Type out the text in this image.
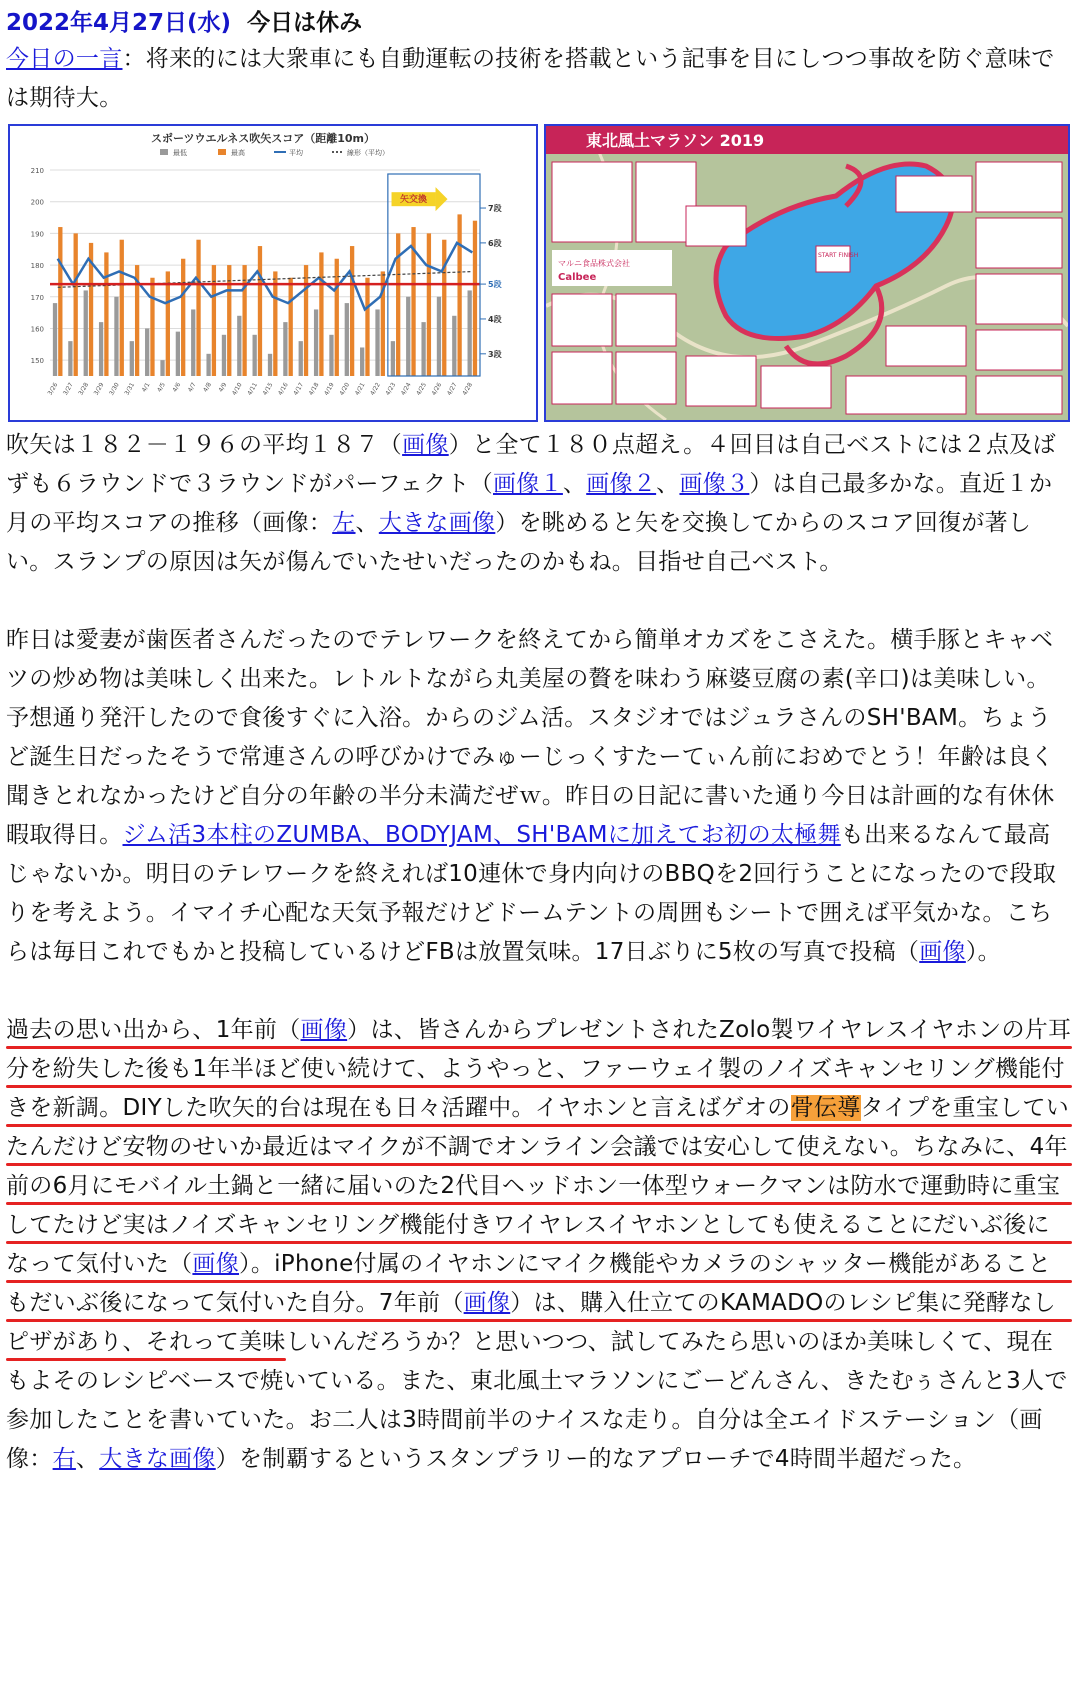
2022年4月27日(水) 今日は休み

今日の一言：将来的には大衆車にも自動運転の技術を搭載という記事を目にしつつ事故を防ぐ意味では期待大。

スポーツウエルネス吹矢スコア（距離10m）
最低	最高	平均	線形（平均）
150
160
170
180
190
200
210
7段
6段
5段
4段
3段
矢交換
3/26 3/27 3/28 3/29 3/30 3/31 4/1 4/5 4/6 4/7 4/8 4/9 4/10 4/11 4/15 4/16 4/17 4/18 4/19 4/20 4/21 4/22 4/23 4/24 4/25 4/26 4/27 4/28
東北風土マラソン 2019
マルニ食品株式会社
Calbee
START FINISH

吹矢は１８２－１９６の平均１８７（画像）と全て１８０点超え。４回目は自己ベストには２点及ばずも６ラウンドで３ラウンドがパーフェクト（画像１、画像２、画像３）は自己最多かな。直近１か月の平均スコアの推移（画像：左、大きな画像）を眺めると矢を交換してからのスコア回復が著しい。スランプの原因は矢が傷んでいたせいだったのかもね。目指せ自己ベスト。

昨日は愛妻が歯医者さんだったのでテレワークを終えてから簡単オカズをこさえた。横手豚とキャベツの炒め物は美味しく出来た。レトルトながら丸美屋の贅を味わう麻婆豆腐の素(辛口)は美味しい。予想通り発汗したので食後すぐに入浴。からのジム活。スタジオではジュラさんのSH'BAM。ちょうど誕生日だったそうで常連さんの呼びかけでみゅーじっくすたーてぃん前におめでとう！年齢は良く聞きとれなかったけど自分の年齢の半分未満だぜｗ。昨日の日記に書いた通り今日は計画的な有休休暇取得日。ジム活3本柱のZUMBA、BODYJAM、SH'BAMに加えてお初の太極舞も出来るなんて最高じゃないか。明日のテレワークを終えれば10連休で身内向けのBBQを2回行うことになったので段取りを考えよう。イマイチ心配な天気予報だけどドームテントの周囲もシートで囲えば平気かな。こちらは毎日これでもかと投稿しているけどFBは放置気味。17日ぶりに5枚の写真で投稿（画像）。

過去の思い出から、1年前（画像）は、皆さんからプレゼントされたZolo製ワイヤレスイヤホンの片耳分を紛失した後も1年半ほど使い続けて、ようやっと、ファーウェイ製のノイズキャンセリング機能付きを新調。DIYした吹矢的台は現在も日々活躍中。イヤホンと言えばゲオの骨伝導タイプを重宝していたんだけど安物のせいか最近はマイクが不調でオンライン会議では安心して使えない。ちなみに、4年前の6月にモバイル土鍋と一緒に届いのた2代目ヘッドホン一体型ウォークマンは防水で運動時に重宝してたけど実はノイズキャンセリング機能付きワイヤレスイヤホンとしても使えることにだいぶ後になって気付いた（画像）。iPhone付属のイヤホンにマイク機能やカメラのシャッター機能があることもだいぶ後になって気付いた自分。7年前（画像）は、購入仕立てのKAMADOのレシピ集に発酵なしピザがあり、それって美味しいんだろうか？と思いつつ、試してみたら思いのほか美味しくて、現在もよそのレシピベースで焼いている。また、東北風土マラソンにごーどんさん、きたむぅさんと3人で参加したことを書いていた。お二人は3時間前半のナイスな走り。自分は全エイドステーション（画像：右、大きな画像）を制覇するというスタンプラリー的なアプローチで4時間半超だった。
